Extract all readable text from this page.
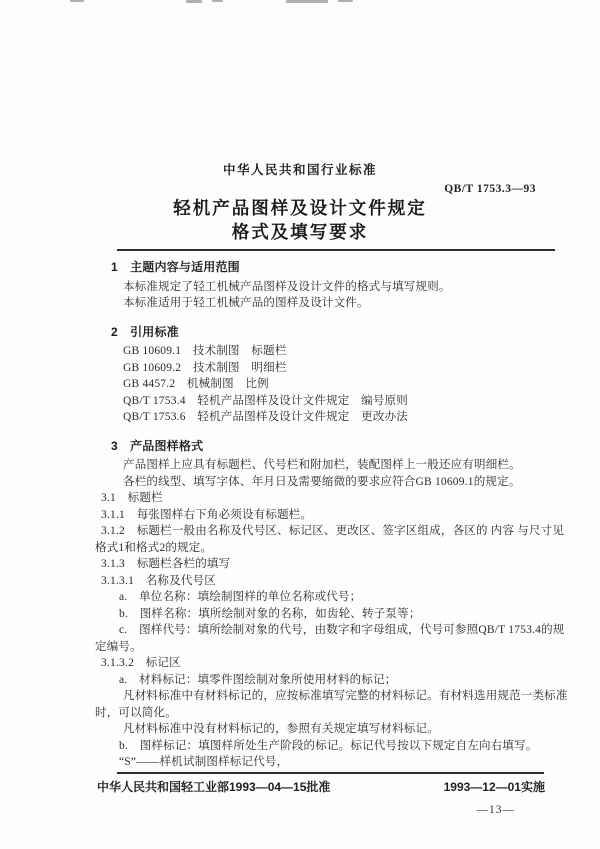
中华人民共和国行业标准
QB/T 1753.3—93
轻机产品图样及设计文件规定
格式及填写要求
1　主题内容与适用范围
本标准规定了轻工机械产品图样及设计文件的格式与填写规则。
本标准适用于轻工机械产品的图样及设计文件。
2　引用标准
GB 10609.1　技术制图　标题栏
GB 10609.2　技术制图　明细栏
GB 4457.2　机械制图　比例
QB/T 1753.4　轻机产品图样及设计文件规定　编号原则
QB/T 1753.6　轻机产品图样及设计文件规定　更改办法
3　产品图样格式
产品图样上应具有标题栏、代号栏和附加栏，装配图样上一般还应有明细栏。
各栏的线型、填写字体、年月日及需要缩微的要求应符合GB 10609.1的规定。
3.1　标题栏
3.1.1　每张图样右下角必须设有标题栏。
3.1.2　标题栏一般由名称及代号区、标记区、更改区、签字区组成，各区的 内容 与尺寸见
格式1和格式2的规定。
3.1.3　标题栏各栏的填写
3.1.3.1　名称及代号区
a.　单位名称：填绘制图样的单位名称或代号；
b.　图样名称：填所绘制对象的名称，如齿轮、转子泵等；
c.　图样代号：填所绘制对象的代号，由数字和字母组成，代号可参照QB/T 1753.4的规
定编号。
3.1.3.2　标记区
a.　材料标记：填零件图绘制对象所使用材料的标记；
凡材料标准中有材料标记的，应按标准填写完整的材料标记。有材料选用规范一类标准
时，可以简化。
凡材料标准中没有材料标记的，参照有关规定填写材料标记。
b.　图样标记：填图样所处生产阶段的标记。标记代号按以下规定自左向右填写。
“S”——样机试制图样标记代号，
中华人民共和国轻工业部1993—04—15批准	1993—12—01实施
—13—
